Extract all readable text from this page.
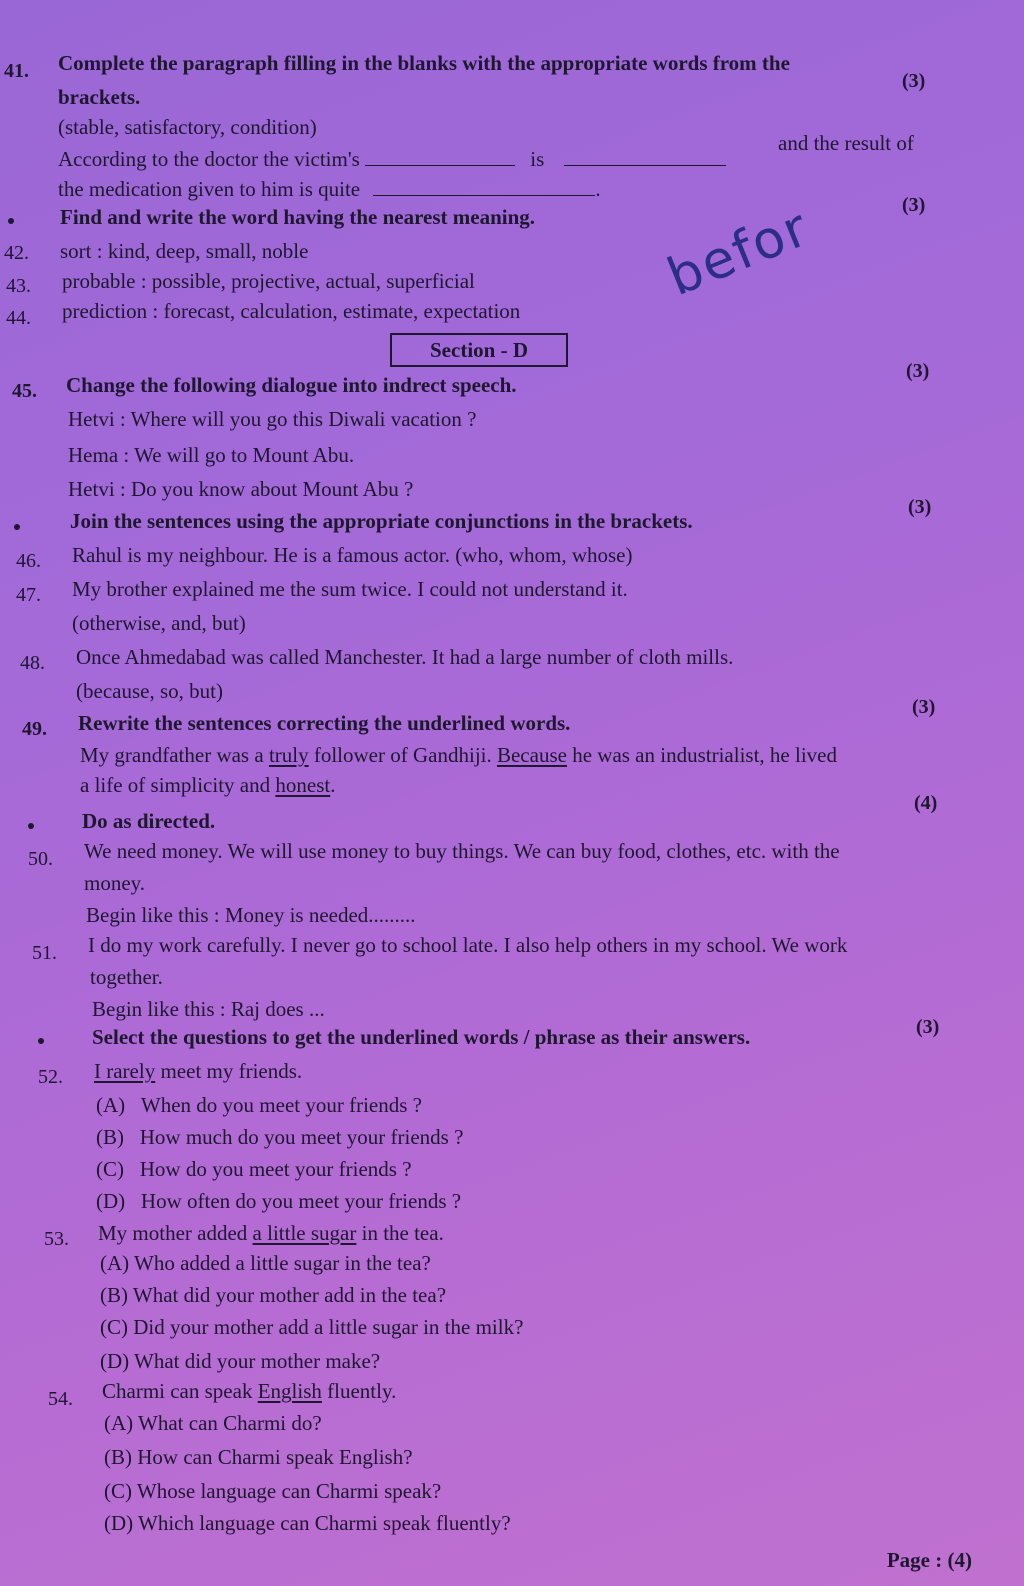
41. Complete the paragraph filling in the blanks with the appropriate words from the
brackets.
(3)
(stable, satisfactory, condition)
According to the doctor the victim's	is
and the result of
the medication given to him is quite	.
Find and write the word having the nearest meaning.	(3)
42. sort : kind, deep, small, noble
43. probable : possible, projective, actual, superficial
44. prediction : forecast, calculation, estimate, expectation
befor
Section - D
45. Change the following dialogue into indrect speech.
(3)
Hetvi : Where will you go this Diwali vacation ?
Hema : We will go to Mount Abu.
Hetvi : Do you know about Mount Abu ?
Join the sentences using the appropriate conjunctions in the brackets.
(3)
46. Rahul is my neighbour. He is a famous actor. (who, whom, whose)
47. My brother explained me the sum twice. I could not understand it.
(otherwise, and, but)
48. Once Ahmedabad was called Manchester. It had a large number of cloth mills.
(because, so, but)
49. Rewrite the sentences correcting the underlined words.
(3)
My grandfather was a truly follower of Gandhiji. Because he was an industrialist, he lived
a life of simplicity and honest.
Do as directed.
(4)
50. We need money. We will use money to buy things. We can buy food, clothes, etc. with the
money.
Begin like this : Money is needed.........
51. I do my work carefully. I never go to school late. I also help others in my school. We work
together.
Begin like this : Raj does ...
Select the questions to get the underlined words / phrase as their answers.	(3)
52. I rarely meet my friends.
(A) When do you meet your friends ?
(B) How much do you meet your friends ?
(C) How do you meet your friends ?
(D) How often do you meet your friends ?
53. My mother added a little sugar in the tea.
(A) Who added a little sugar in the tea?
(B) What did your mother add in the tea?
(C) Did your mother add a little sugar in the milk?
(D) What did your mother make?
54. Charmi can speak English fluently.
(A) What can Charmi do?
(B) How can Charmi speak English?
(C) Whose language can Charmi speak?
(D) Which language can Charmi speak fluently?
Page : (4)
